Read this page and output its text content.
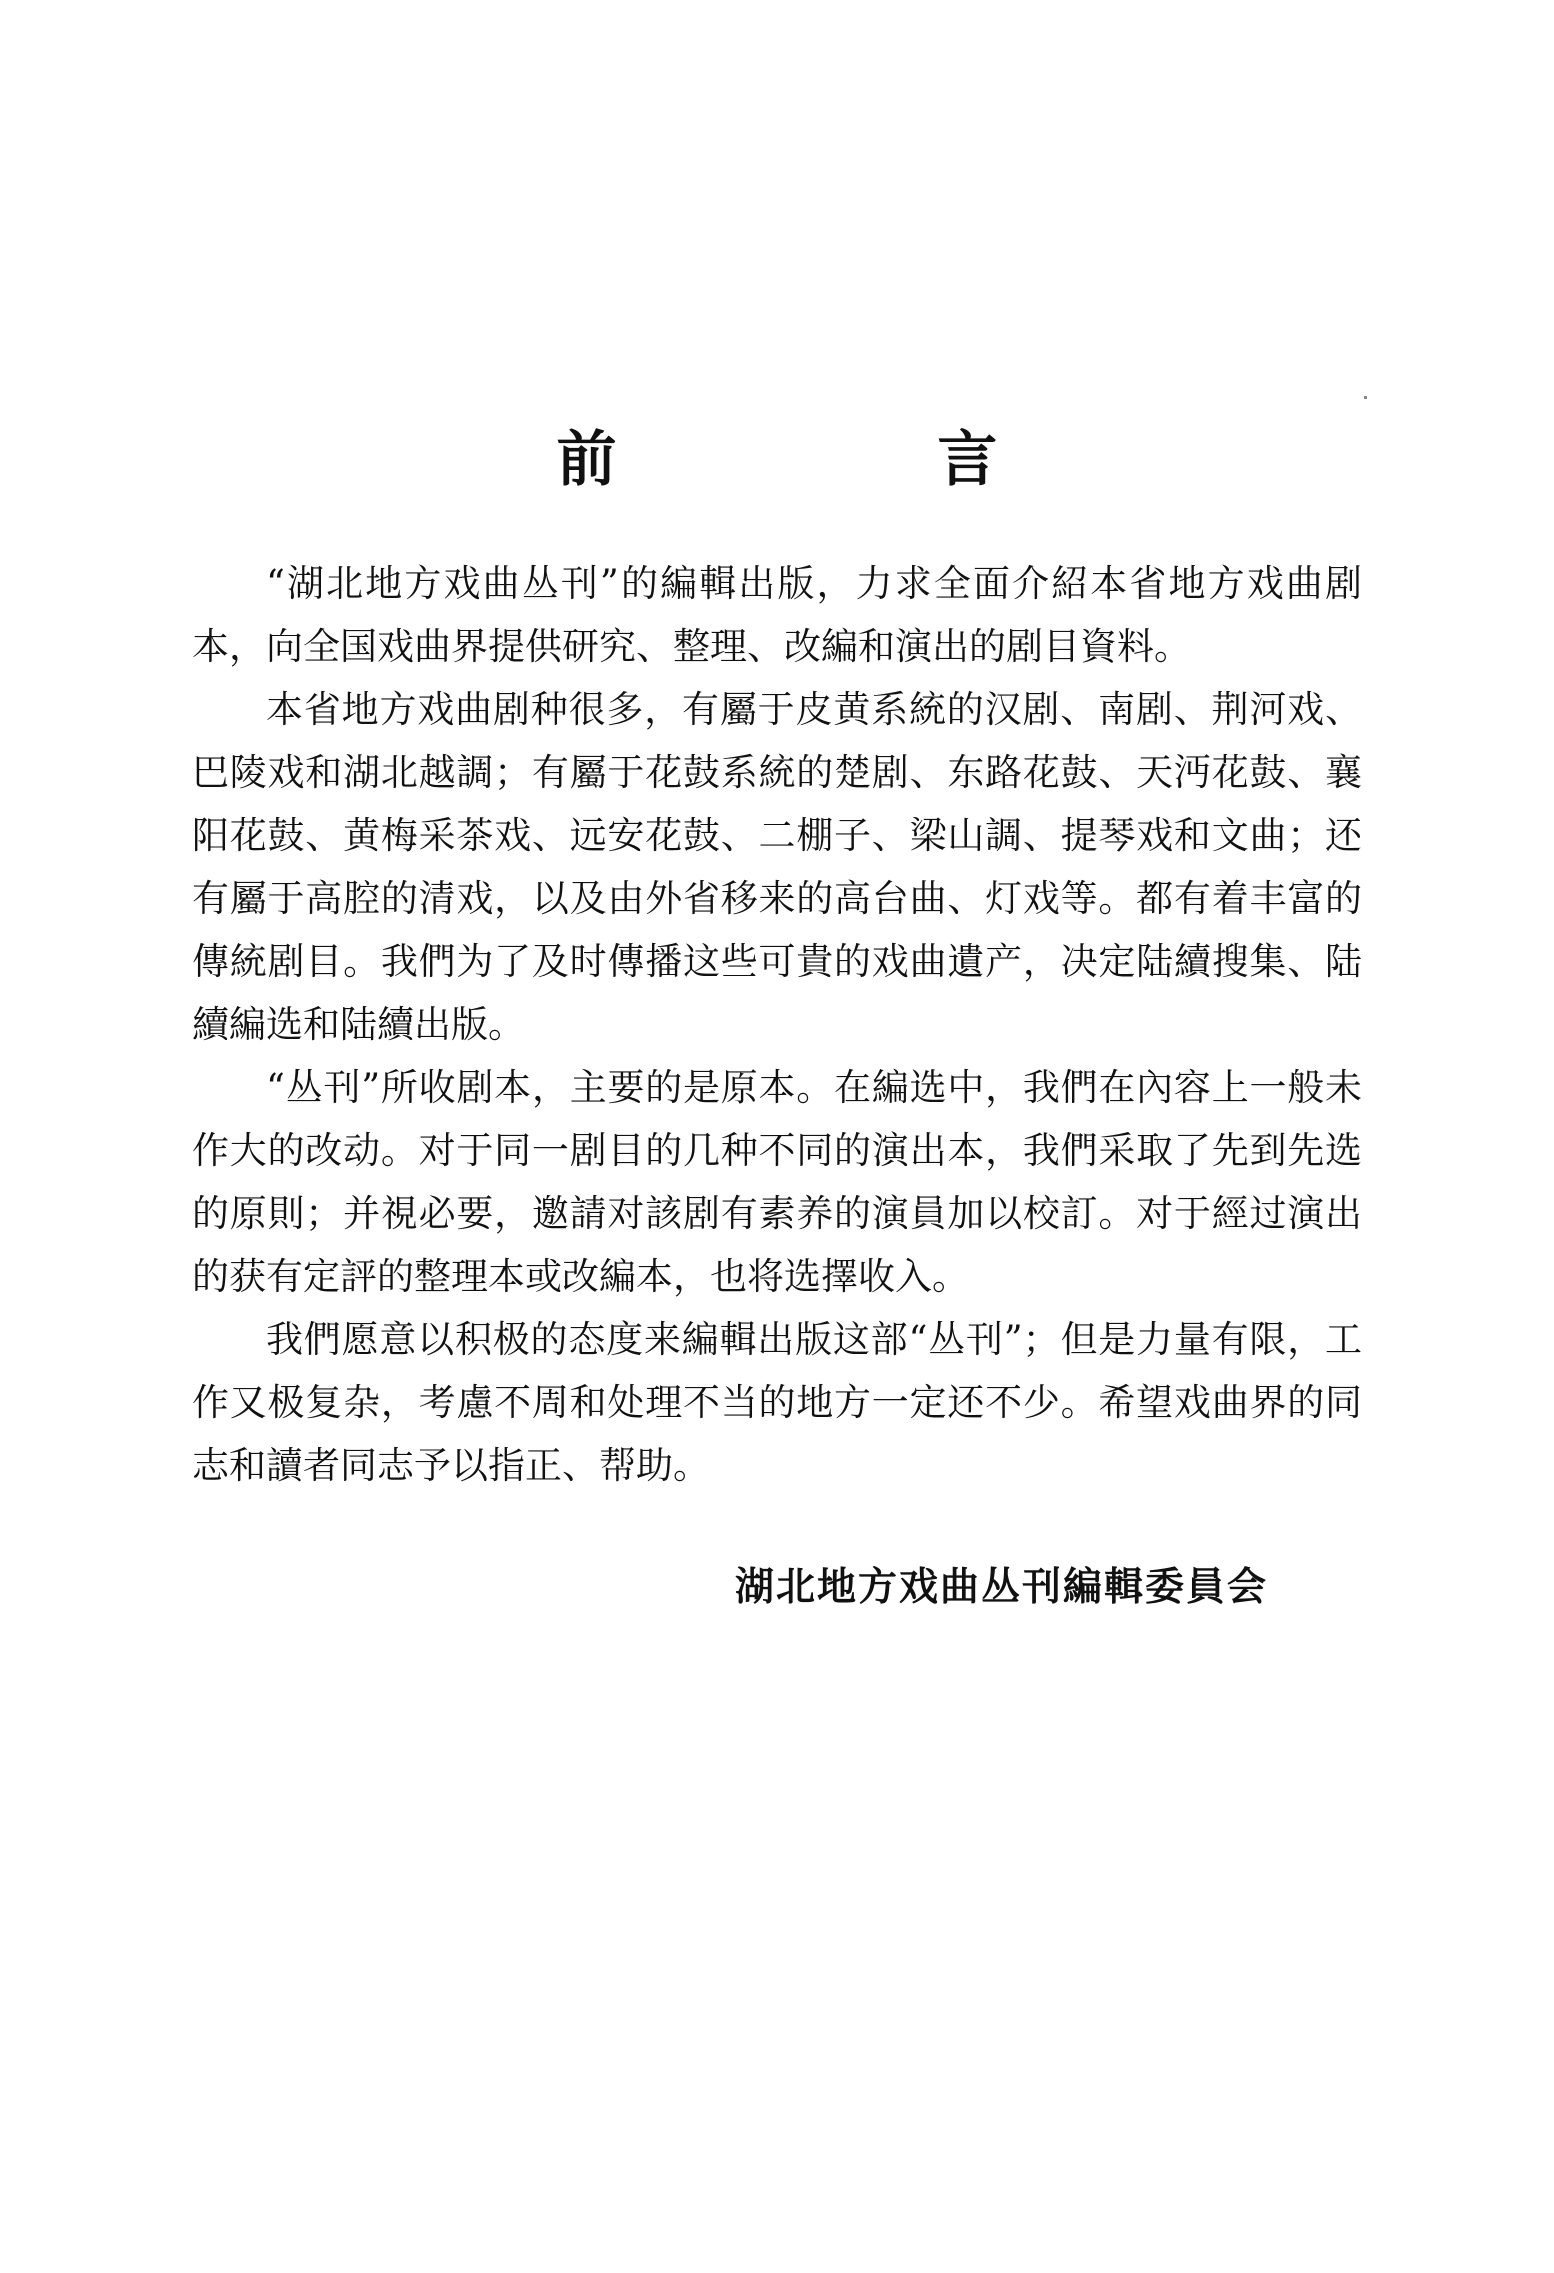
前 言

“湖北地方戏曲丛刊”的編輯出版，力求全面介紹本省地方戏曲剧本，向全国戏曲界提供研究、整理、改編和演出的剧目資料。

本省地方戏曲剧种很多，有屬于皮黄系統的汉剧、南剧、荆河戏、巴陵戏和湖北越調；有屬于花鼓系統的楚剧、东路花鼓、天沔花鼓、襄阳花鼓、黄梅采茶戏、远安花鼓、二棚子、梁山調、提琴戏和文曲；还有屬于高腔的清戏，以及由外省移来的高台曲、灯戏等。都有着丰富的傳統剧目。我們为了及时傳播这些可貴的戏曲遺产，决定陆續搜集、陆續編选和陆續出版。

“丛刊”所收剧本，主要的是原本。在編选中，我們在內容上一般未作大的改动。对于同一剧目的几种不同的演出本，我們采取了先到先选的原則；并視必要，邀請对該剧有素养的演員加以校訂。对于經过演出的获有定評的整理本或改編本，也将选擇收入。

我們愿意以积极的态度来編輯出版这部“丛刊”；但是力量有限，工作又极复杂，考慮不周和处理不当的地方一定还不少。希望戏曲界的同志和讀者同志予以指正、帮助。

湖北地方戏曲丛刊編輯委員会
